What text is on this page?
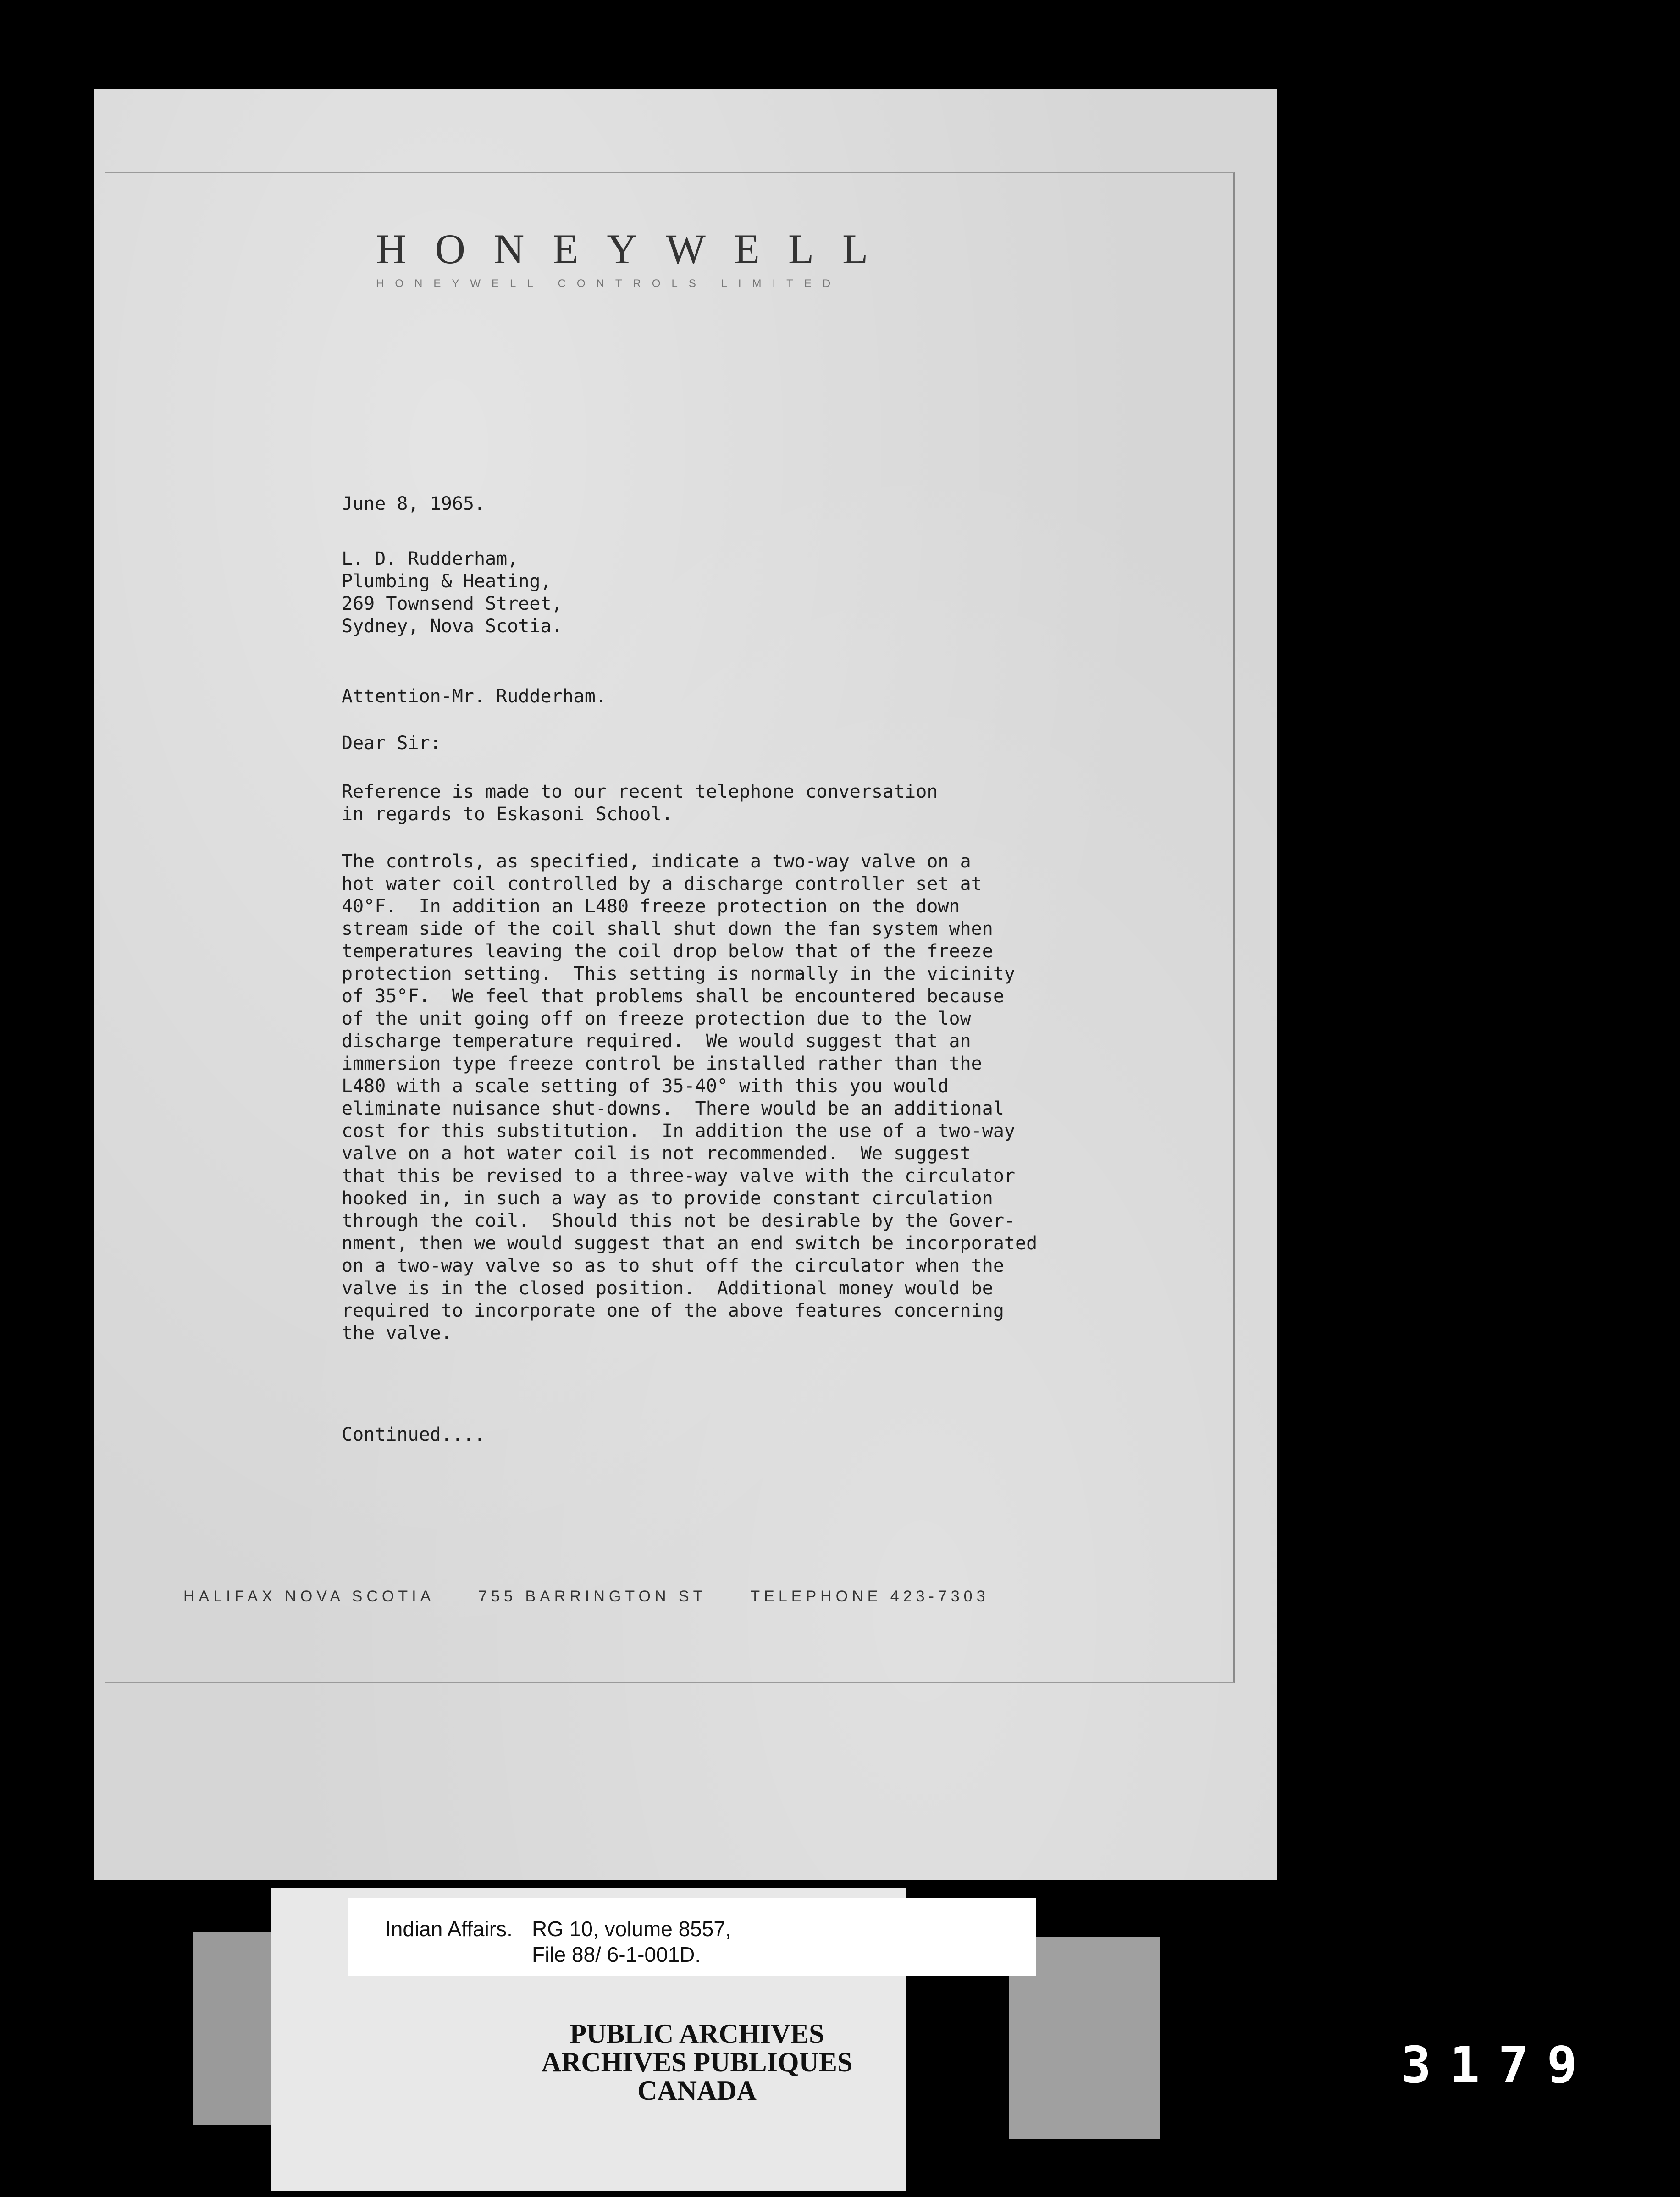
HONEYWELL
HONEYWELL CONTROLS LIMITED
June 8, 1965.
L. D. Rudderham,
Plumbing & Heating,
269 Townsend Street,
Sydney, Nova Scotia.
Attention-Mr. Rudderham.
Dear Sir:
Reference is made to our recent telephone conversation
in regards to Eskasoni School.
The controls, as specified, indicate a two-way valve on a
hot water coil controlled by a discharge controller set at
40°F.  In addition an L480 freeze protection on the down
stream side of the coil shall shut down the fan system when
temperatures leaving the coil drop below that of the freeze
protection setting.  This setting is normally in the vicinity
of 35°F.  We feel that problems shall be encountered because
of the unit going off on freeze protection due to the low
discharge temperature required.  We would suggest that an
immersion type freeze control be installed rather than the
L480 with a scale setting of 35-40° with this you would
eliminate nuisance shut-downs.  There would be an additional
cost for this substitution.  In addition the use of a two-way
valve on a hot water coil is not recommended.  We suggest
that this be revised to a three-way valve with the circulator
hooked in, in such a way as to provide constant circulation
through the coil.  Should this not be desirable by the Gover-
nment, then we would suggest that an end switch be incorporated
on a two-way valve so as to shut off the circulator when the
valve is in the closed position.  Additional money would be
required to incorporate one of the above features concerning
the valve.
Continued....
HALIFAX NOVA SCOTIA	755 BARRINGTON ST	TELEPHONE 423-7303
Indian Affairs. RG 10, volume 8557,
File 88/ 6-1-001D.
PUBLIC ARCHIVES
ARCHIVES PUBLIQUES
CANADA	3179
